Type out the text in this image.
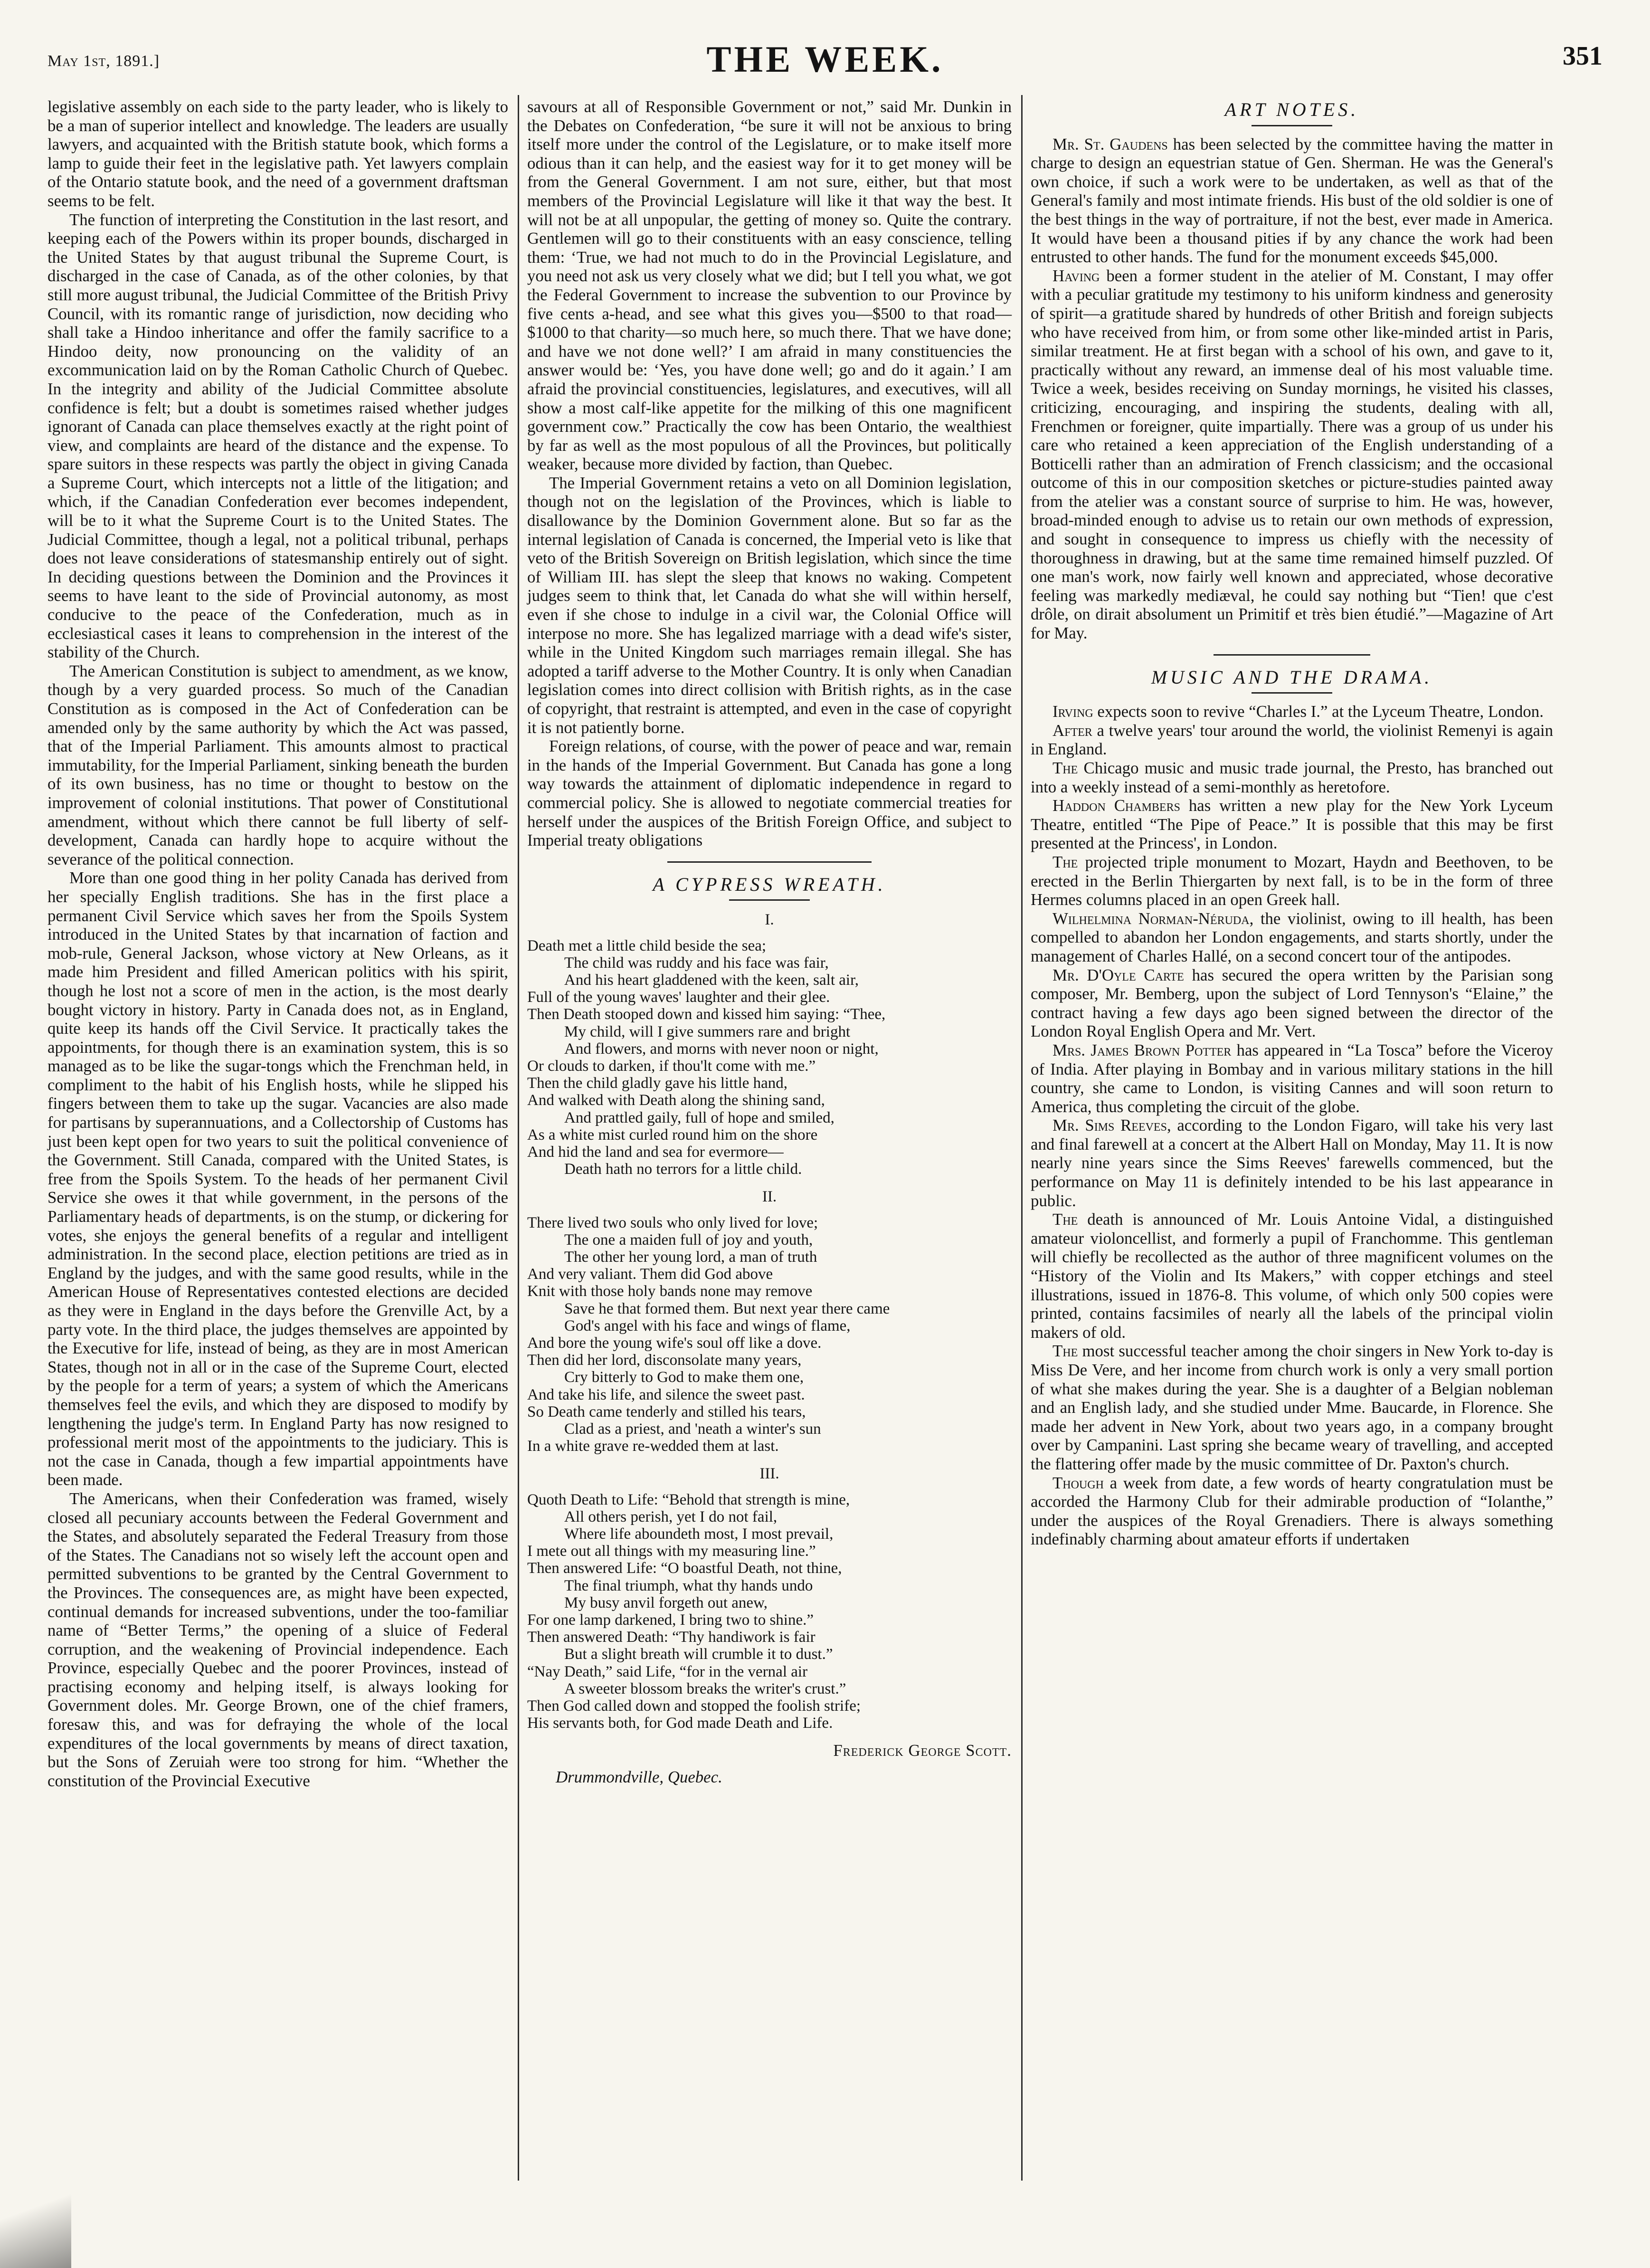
May 1st, 1891.]	THE WEEK.	351

legislative assembly on each side to the party leader, who is likely to be a man of superior intellect and knowledge. The leaders are usually lawyers, and acquainted with the British statute book, which forms a lamp to guide their feet in the legislative path. Yet lawyers complain of the Ontario statute book, and the need of a government draftsman seems to be felt.

The function of interpreting the Constitution in the last resort, and keeping each of the Powers within its proper bounds, discharged in the United States by that august tribunal the Supreme Court, is discharged in the case of Canada, as of the other colonies, by that still more august tribunal, the Judicial Committee of the British Privy Council, with its romantic range of jurisdiction, now deciding who shall take a Hindoo inheritance and offer the family sacrifice to a Hindoo deity, now pronouncing on the validity of an excommunication laid on by the Roman Catholic Church of Quebec. In the integrity and ability of the Judicial Committee absolute confidence is felt; but a doubt is sometimes raised whether judges ignorant of Canada can place themselves exactly at the right point of view, and complaints are heard of the distance and the expense. To spare suitors in these respects was partly the object in giving Canada a Supreme Court, which intercepts not a little of the litigation; and which, if the Canadian Confederation ever becomes independent, will be to it what the Supreme Court is to the United States. The Judicial Committee, though a legal, not a political tribunal, perhaps does not leave considerations of statesmanship entirely out of sight. In deciding questions between the Dominion and the Provinces it seems to have leant to the side of Provincial autonomy, as most conducive to the peace of the Confederation, much as in ecclesiastical cases it leans to comprehension in the interest of the stability of the Church.

The American Constitution is subject to amendment, as we know, though by a very guarded process. So much of the Canadian Constitution as is composed in the Act of Confederation can be amended only by the same authority by which the Act was passed, that of the Imperial Parliament. This amounts almost to practical immutability, for the Imperial Parliament, sinking beneath the burden of its own business, has no time or thought to bestow on the improvement of colonial institutions. That power of Constitutional amendment, without which there cannot be full liberty of self-development, Canada can hardly hope to acquire without the severance of the political connection.

More than one good thing in her polity Canada has derived from her specially English traditions. She has in the first place a permanent Civil Service which saves her from the Spoils System introduced in the United States by that incarnation of faction and mob-rule, General Jackson, whose victory at New Orleans, as it made him President and filled American politics with his spirit, though he lost not a score of men in the action, is the most dearly bought victory in history. Party in Canada does not, as in England, quite keep its hands off the Civil Service. It practically takes the appointments, for though there is an examination system, this is so managed as to be like the sugar-tongs which the Frenchman held, in compliment to the habit of his English hosts, while he slipped his fingers between them to take up the sugar. Vacancies are also made for partisans by superannuations, and a Collectorship of Customs has just been kept open for two years to suit the political convenience of the Government. Still Canada, compared with the United States, is free from the Spoils System. To the heads of her permanent Civil Service she owes it that while government, in the persons of the Parliamentary heads of departments, is on the stump, or dickering for votes, she enjoys the general benefits of a regular and intelligent administration. In the second place, election petitions are tried as in England by the judges, and with the same good results, while in the American House of Representatives contested elections are decided as they were in England in the days before the Grenville Act, by a party vote. In the third place, the judges themselves are appointed by the Executive for life, instead of being, as they are in most American States, though not in all or in the case of the Supreme Court, elected by the people for a term of years; a system of which the Americans themselves feel the evils, and which they are disposed to modify by lengthening the judge's term. In England Party has now resigned to professional merit most of the appointments to the judiciary. This is not the case in Canada, though a few impartial appointments have been made.

The Americans, when their Confederation was framed, wisely closed all pecuniary accounts between the Federal Government and the States, and absolutely separated the Federal Treasury from those of the States. The Canadians not so wisely left the account open and permitted subventions to be granted by the Central Government to the Provinces. The consequences are, as might have been expected, continual demands for increased subventions, under the too-familiar name of “Better Terms,” the opening of a sluice of Federal corruption, and the weakening of Provincial independence. Each Province, especially Quebec and the poorer Provinces, instead of practising economy and helping itself, is always looking for Government doles. Mr. George Brown, one of the chief framers, foresaw this, and was for defraying the whole of the local expenditures of the local governments by means of direct taxation, but the Sons of Zeruiah were too strong for him. “Whether the constitution of the Provincial Executive

savours at all of Responsible Government or not,” said Mr. Dunkin in the Debates on Confederation, “be sure it will not be anxious to bring itself more under the control of the Legislature, or to make itself more odious than it can help, and the easiest way for it to get money will be from the General Government. I am not sure, either, but that most members of the Provincial Legislature will like it that way the best. It will not be at all unpopular, the getting of money so. Quite the contrary. Gentlemen will go to their constituents with an easy conscience, telling them: ‘True, we had not much to do in the Provincial Legislature, and you need not ask us very closely what we did; but I tell you what, we got the Federal Government to increase the subvention to our Province by five cents a-head, and see what this gives you—$500 to that road—$1000 to that charity—so much here, so much there. That we have done; and have we not done well?’ I am afraid in many constituencies the answer would be: ‘Yes, you have done well; go and do it again.’ I am afraid the provincial constituencies, legislatures, and executives, will all show a most calf-like appetite for the milking of this one magnificent government cow.” Practically the cow has been Ontario, the wealthiest by far as well as the most populous of all the Provinces, but politically weaker, because more divided by faction, than Quebec.

The Imperial Government retains a veto on all Dominion legislation, though not on the legislation of the Provinces, which is liable to disallowance by the Dominion Government alone. But so far as the internal legislation of Canada is concerned, the Imperial veto is like that veto of the British Sovereign on British legislation, which since the time of William III. has slept the sleep that knows no waking. Competent judges seem to think that, let Canada do what she will within herself, even if she chose to indulge in a civil war, the Colonial Office will interpose no more. She has legalized marriage with a dead wife's sister, while in the United Kingdom such marriages remain illegal. She has adopted a tariff adverse to the Mother Country. It is only when Canadian legislation comes into direct collision with British rights, as in the case of copyright, that restraint is attempted, and even in the case of copyright it is not patiently borne.

Foreign relations, of course, with the power of peace and war, remain in the hands of the Imperial Government. But Canada has gone a long way towards the attainment of diplomatic independence in regard to commercial policy. She is allowed to negotiate commercial treaties for herself under the auspices of the British Foreign Office, and subject to Imperial treaty obligations

A CYPRESS WREATH.
I.
Death met a little child beside the sea;
The child was ruddy and his face was fair,
And his heart gladdened with the keen, salt air,
Full of the young waves' laughter and their glee.
Then Death stooped down and kissed him saying: “Thee,
My child, will I give summers rare and bright
And flowers, and morns with never noon or night,
Or clouds to darken, if thou'lt come with me.”
Then the child gladly gave his little hand,
And walked with Death along the shining sand,
And prattled gaily, full of hope and smiled,
As a white mist curled round him on the shore
And hid the land and sea for evermore—
Death hath no terrors for a little child.
II.
There lived two souls who only lived for love;
The one a maiden full of joy and youth,
The other her young lord, a man of truth
And very valiant. Them did God above
Knit with those holy bands none may remove
Save he that formed them. But next year there came
God's angel with his face and wings of flame,
And bore the young wife's soul off like a dove.
Then did her lord, disconsolate many years,
Cry bitterly to God to make them one,
And take his life, and silence the sweet past.
So Death came tenderly and stilled his tears,
Clad as a priest, and 'neath a winter's sun
In a white grave re-wedded them at last.
III.
Quoth Death to Life: “Behold that strength is mine,
All others perish, yet I do not fail,
Where life aboundeth most, I most prevail,
I mete out all things with my measuring line.”
Then answered Life: “O boastful Death, not thine,
The final triumph, what thy hands undo
My busy anvil forgeth out anew,
For one lamp darkened, I bring two to shine.”
Then answered Death: “Thy handiwork is fair
But a slight breath will crumble it to dust.”
“Nay Death,” said Life, “for in the vernal air
A sweeter blossom breaks the writer's crust.”
Then God called down and stopped the foolish strife;
His servants both, for God made Death and Life.
Frederick George Scott.
Drummondville, Quebec.
ART NOTES.

Mr. St. Gaudens has been selected by the committee having the matter in charge to design an equestrian statue of Gen. Sherman. He was the General's own choice, if such a work were to be undertaken, as well as that of the General's family and most intimate friends. His bust of the old soldier is one of the best things in the way of portraiture, if not the best, ever made in America. It would have been a thousand pities if by any chance the work had been entrusted to other hands. The fund for the monument exceeds $45,000.

Having been a former student in the atelier of M. Constant, I may offer with a peculiar gratitude my testimony to his uniform kindness and generosity of spirit—a gratitude shared by hundreds of other British and foreign subjects who have received from him, or from some other like-minded artist in Paris, similar treatment. He at first began with a school of his own, and gave to it, practically without any reward, an immense deal of his most valuable time. Twice a week, besides receiving on Sunday mornings, he visited his classes, criticizing, encouraging, and inspiring the students, dealing with all, Frenchmen or foreigner, quite impartially. There was a group of us under his care who retained a keen appreciation of the English understanding of a Botticelli rather than an admiration of French classicism; and the occasional outcome of this in our composition sketches or picture-studies painted away from the atelier was a constant source of surprise to him. He was, however, broad-minded enough to advise us to retain our own methods of expression, and sought in consequence to impress us chiefly with the necessity of thoroughness in drawing, but at the same time remained himself puzzled. Of one man's work, now fairly well known and appreciated, whose decorative feeling was markedly mediæval, he could say nothing but “Tien! que c'est drôle, on dirait absolument un Primitif et très bien étudié.”—Magazine of Art for May.

MUSIC AND THE DRAMA.

Irving expects soon to revive “Charles I.” at the Lyceum Theatre, London.

After a twelve years' tour around the world, the violinist Remenyi is again in England.

The Chicago music and music trade journal, the Presto, has branched out into a weekly instead of a semi-monthly as heretofore.

Haddon Chambers has written a new play for the New York Lyceum Theatre, entitled “The Pipe of Peace.” It is possible that this may be first presented at the Princess', in London.

The projected triple monument to Mozart, Haydn and Beethoven, to be erected in the Berlin Thiergarten by next fall, is to be in the form of three Hermes columns placed in an open Greek hall.

Wilhelmina Norman-Néruda, the violinist, owing to ill health, has been compelled to abandon her London engagements, and starts shortly, under the management of Charles Hallé, on a second concert tour of the antipodes.

Mr. D'Oyle Carte has secured the opera written by the Parisian song composer, Mr. Bemberg, upon the subject of Lord Tennyson's “Elaine,” the contract having a few days ago been signed between the director of the London Royal English Opera and Mr. Vert.

Mrs. James Brown Potter has appeared in “La Tosca” before the Viceroy of India. After playing in Bombay and in various military stations in the hill country, she came to London, is visiting Cannes and will soon return to America, thus completing the circuit of the globe.

Mr. Sims Reeves, according to the London Figaro, will take his very last and final farewell at a concert at the Albert Hall on Monday, May 11. It is now nearly nine years since the Sims Reeves' farewells commenced, but the performance on May 11 is definitely intended to be his last appearance in public.

The death is announced of Mr. Louis Antoine Vidal, a distinguished amateur violoncellist, and formerly a pupil of Franchomme. This gentleman will chiefly be recollected as the author of three magnificent volumes on the “History of the Violin and Its Makers,” with copper etchings and steel illustrations, issued in 1876-8. This volume, of which only 500 copies were printed, contains facsimiles of nearly all the labels of the principal violin makers of old.

The most successful teacher among the choir singers in New York to-day is Miss De Vere, and her income from church work is only a very small portion of what she makes during the year. She is a daughter of a Belgian nobleman and an English lady, and she studied under Mme. Baucarde, in Florence. She made her advent in New York, about two years ago, in a company brought over by Campanini. Last spring she became weary of travelling, and accepted the flattering offer made by the music committee of Dr. Paxton's church.

Though a week from date, a few words of hearty congratulation must be accorded the Harmony Club for their admirable production of “Iolanthe,” under the auspices of the Royal Grenadiers. There is always something indefinably charming about amateur efforts if undertaken
